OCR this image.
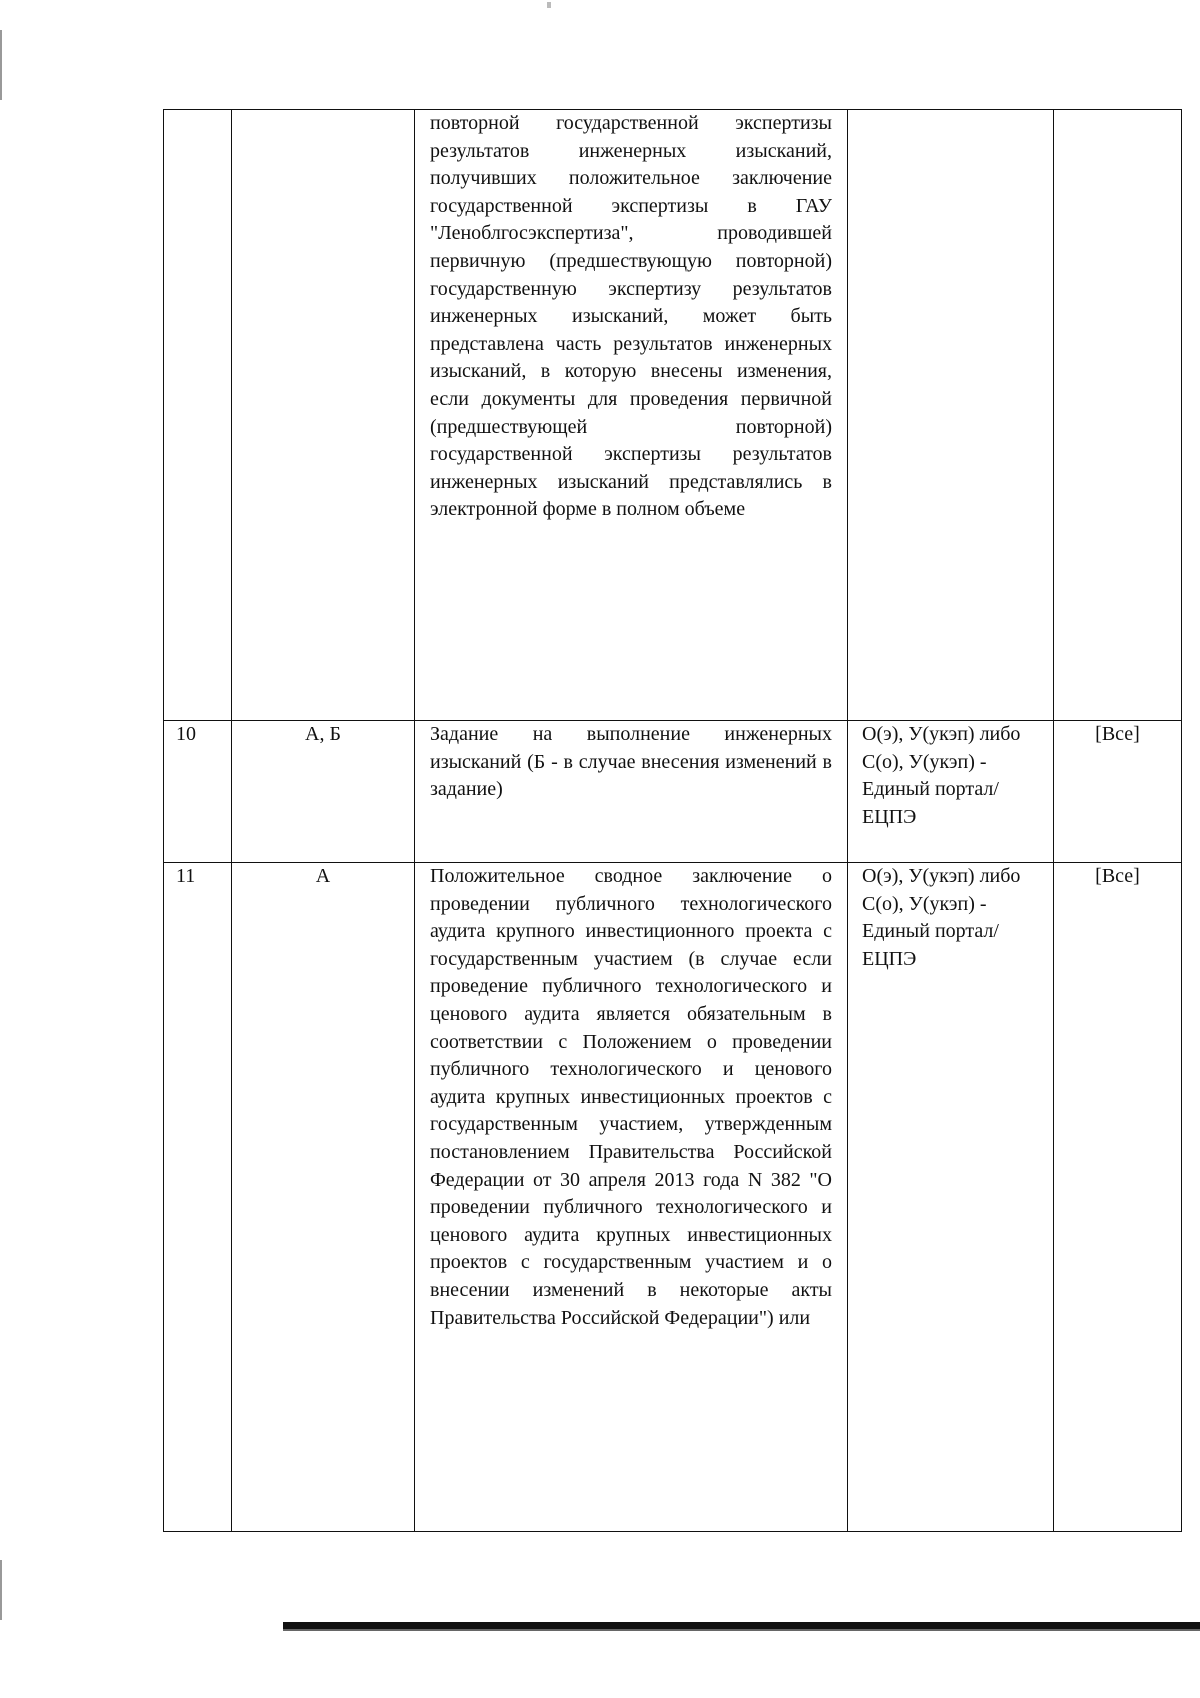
		повторной государственной экспертизы результатов инженерных изысканий, получивших положительное заключение государственной экспертизы в ГАУ "Леноблгосэкспертиза", проводившей первичную (предшествующую повторной) государственную экспертизу результатов инженерных изысканий, может быть представлена часть результатов инженерных изысканий, в которую внесены изменения, если документы для проведения первичной (предшествующей повторной) государственной экспертизы результатов инженерных изысканий представлялись в электронной форме в полном объеме		
10	А, Б	Задание на выполнение инженерных изысканий (Б - в случае внесения изменений в задание)	О(э), У(укэп) либо С(о), У(укэп) - Единый портал/ЕЦПЭ	[Все]
11	А	Положительное сводное заключение о проведении публичного технологического аудита крупного инвестиционного проекта с государственным участием (в случае если проведение публичного технологического и ценового аудита является обязательным в соответствии с Положением о проведении публичного технологического и ценового аудита крупных инвестиционных проектов с государственным участием, утвержденным постановлением Правительства Российской Федерации от 30 апреля 2013 года N 382 "О проведении публичного технологического и ценового аудита крупных инвестиционных проектов с государственным участием и о внесении изменений в некоторые акты Правительства Российской Федерации") или	О(э), У(укэп) либо С(о), У(укэп) - Единый портал/ЕЦПЭ	[Все]
